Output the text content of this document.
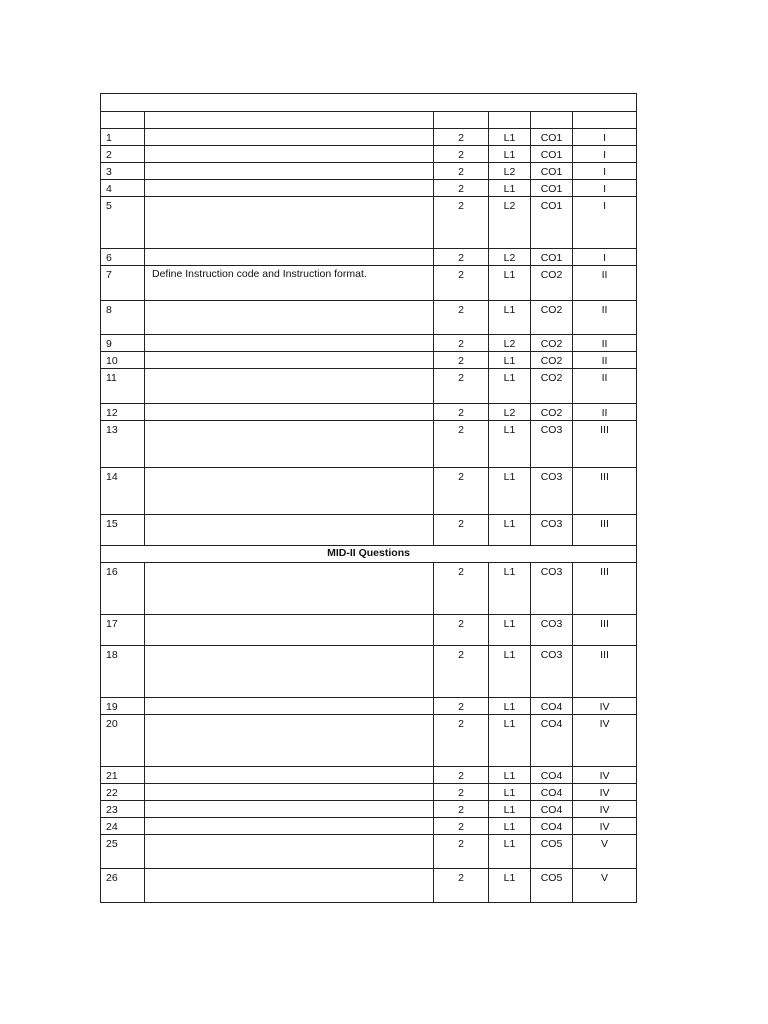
1		2	L1	CO1	I
2		2	L1	CO1	I
3		2	L2	CO1	I
4		2	L1	CO1	I
5		2	L2	CO1	I
6		2	L2	CO1	I
7	Define Instruction code and Instruction format.	2	L1	CO2	II
8		2	L1	CO2	II
9		2	L2	CO2	II
10		2	L1	CO2	II
11		2	L1	CO2	II
12		2	L2	CO2	II
13		2	L1	CO3	III
14		2	L1	CO3	III
15		2	L1	CO3	III
MID-II Questions					
16		2	L1	CO3	III
17		2	L1	CO3	III
18		2	L1	CO3	III
19		2	L1	CO4	IV
20		2	L1	CO4	IV
21		2	L1	CO4	IV
22		2	L1	CO4	IV
23		2	L1	CO4	IV
24		2	L1	CO4	IV
25		2	L1	CO5	V
26		2	L1	CO5	V
